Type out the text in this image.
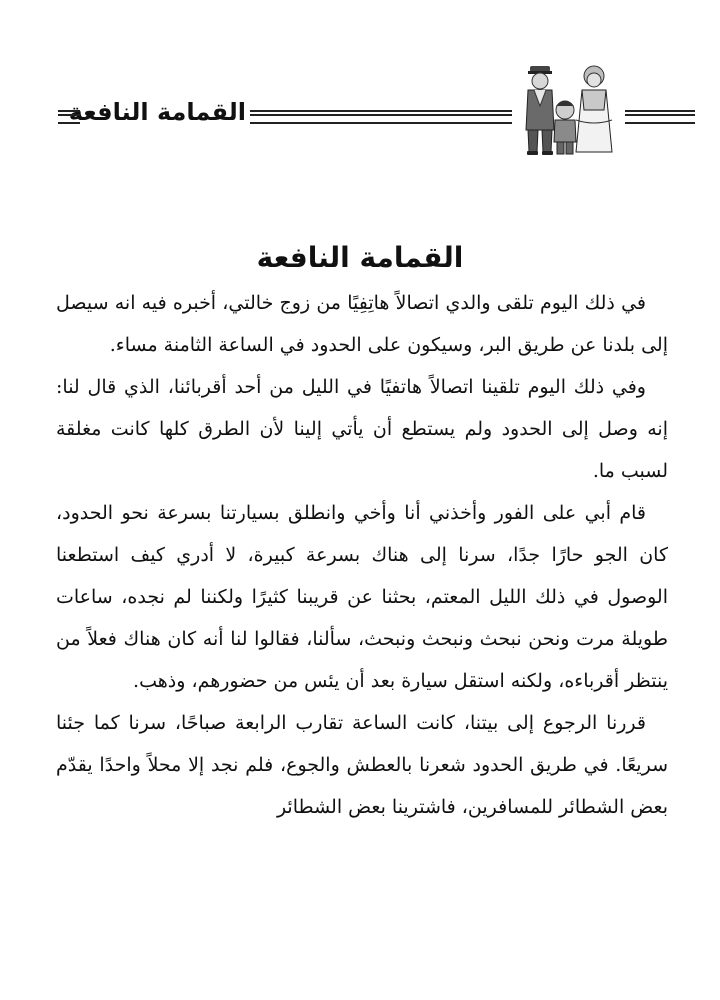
القمامة النافعة
القمامة النافعة

في ذلك اليوم تلقى والدي اتصالاً هاتِفِيًا من زوج خالتي، أخبره فيه انه سيصل إلى بلدنا عن طريق البر، وسيكون على الحدود في الساعة الثامنة مساء.

وفي ذلك اليوم تلقينا اتصالاً هاتفيًا في الليل من أحد أقربائنا، الذي قال لنا: إنه وصل إلى الحدود ولم يستطع أن يأتي إلينا لأن الطرق كلها كانت مغلقة لسبب ما.

قام أبي على الفور وأخذني أنا وأخي وانطلق بسيارتنا بسرعة نحو الحدود، كان الجو حارًا جدًا، سرنا إلى هناك بسرعة كبيرة، لا أدري كيف استطعنا الوصول في ذلك الليل المعتم، بحثنا عن قريبنا كثيرًا ولكننا لم نجده، ساعات طويلة مرت ونحن نبحث ونبحث ونبحث، سألنا، فقالوا لنا أنه كان هناك فعلاً من ينتظر أقرباءه، ولكنه استقل سيارة بعد أن يئس من حضورهم، وذهب.

قررنا الرجوع إلى بيتنا، كانت الساعة تقارب الرابعة صباحًا، سرنا كما جئنا سريعًا. في طريق الحدود شعرنا بالعطش والجوع، فلم نجد إلا محلاً واحدًا يقدّم بعض الشطائر للمسافرين، فاشترينا بعض الشطائر
